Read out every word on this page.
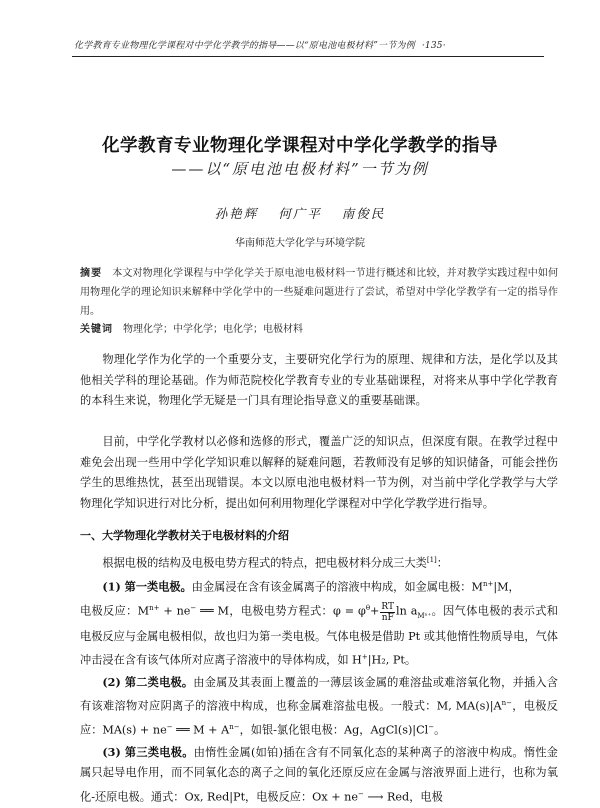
化学教育专业物理化学课程对中学化学教学的指导——以“原电池电极材料”一节为例 ·135·
化学教育专业物理化学课程对中学化学教学的指导
——以“原电池电极材料”一节为例
孙艳辉 何广平 南俊民
华南师范大学化学与环境学院
摘要 本文对物理化学课程与中学化学关于原电池电极材料一节进行概述和比较，并对教学实践过程中如何用物理化学的理论知识来解释中学化学中的一些疑难问题进行了尝试，希望对中学化学教学有一定的指导作用。
关键词 物理化学；中学化学；电化学；电极材料
物理化学作为化学的一个重要分支，主要研究化学行为的原理、规律和方法，是化学以及其他相关学科的理论基础。作为师范院校化学教育专业的专业基础课程，对将来从事中学化学教育的本科生来说，物理化学无疑是一门具有理论指导意义的重要基础课。
目前，中学化学教材以必修和选修的形式，覆盖广泛的知识点，但深度有限。在教学过程中难免会出现一些用中学化学知识难以解释的疑难问题，若教师没有足够的知识储备，可能会挫伤学生的思维热忱，甚至出现错误。本文以原电池电极材料一节为例，对当前中学化学教学与大学物理化学知识进行对比分析，提出如何利用物理化学课程对中学化学教学进行指导。
一、大学物理化学教材关于电极材料的介绍
根据电极的结构及电极电势方程式的特点，把电极材料分成三大类[1]：
(1) 第一类电极。由金属浸在含有该金属离子的溶液中构成，如金属电极：$M^{n+}|M$，
电极反应：$M^{n+} + ne^-$ ══ M，电极电势方程式：$\varphi = \varphi^\theta+ \frac{RT}{nF}$ $\ln a_{M^{n+}}$。因气体电极的表示式和电极反应与金属电极相似，故也归为第一类电极。气体电极是借助 Pt 或其他惰性物质导电，气体冲击浸在含有该气体所对应离子溶液中的导体构成，如 H+|H₂, Pt。
(2) 第二类电极。由金属及其表面上覆盖的一薄层该金属的难溶盐或难溶氧化物，并插入含有该难溶物对应阴离子的溶液中构成，也称金属难溶盐电极。一般式：M, $MA(s)|A^{n-}$，电极反应：MA(s) + ne− ══ $M + A^{n-}$，如银-氯化银电极：Ag，AgCl(s)|Cl−。
(3) 第三类电极。由惰性金属(如铂)插在含有不同氧化态的某种离子的溶液中构成。惰性金属只起导电作用，而不同氧化态的离子之间的氧化还原反应在金属与溶液界面上进行，也称为氧化-还原电极。通式：Ox, Red|Pt，电极反应：Ox + ne− ⟶ Red，电极
